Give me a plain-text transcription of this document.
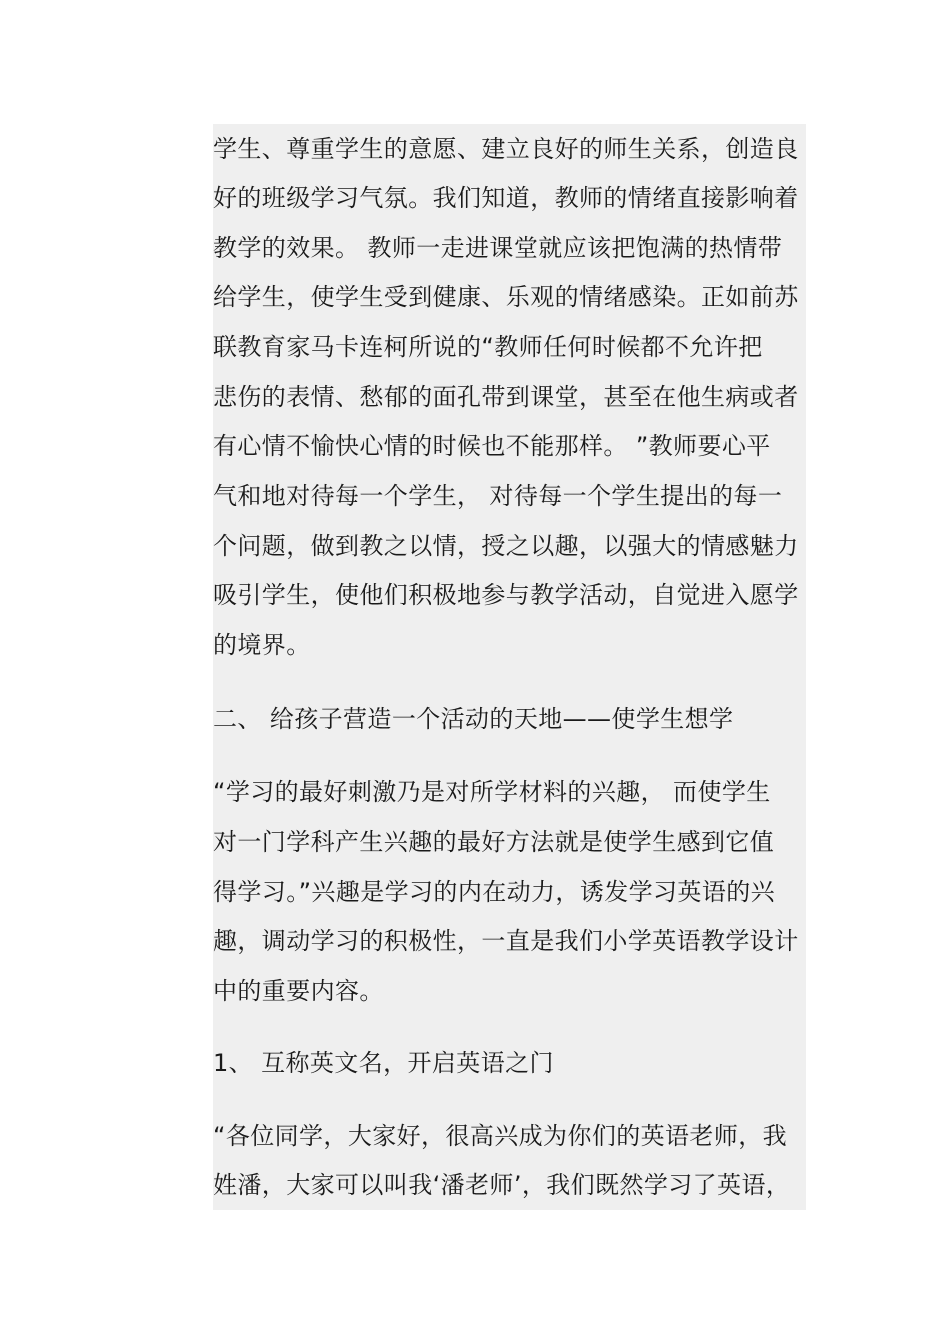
学生、尊重学生的意愿、建立良好的师生关系，创造良
好的班级学习气氛。我们知道，教师的情绪直接影响着
教学的效果。 教师一走进课堂就应该把饱满的热情带
给学生，使学生受到健康、乐观的情绪感染。正如前苏
联教育家马卡连柯所说的“教师任何时候都不允许把
悲伤的表情、愁郁的面孔带到课堂，甚至在他生病或者
有心情不愉快心情的时候也不能那样。 ”教师要心平
气和地对待每一个学生， 对待每一个学生提出的每一
个问题，做到教之以情，授之以趣，以强大的情感魅力
吸引学生，使他们积极地参与教学活动，自觉进入愿学
的境界。
二、 给孩子营造一个活动的天地——使学生想学
“学习的最好刺激乃是对所学材料的兴趣， 而使学生
对一门学科产生兴趣的最好方法就是使学生感到它值
得学习。”兴趣是学习的内在动力，诱发学习英语的兴
趣，调动学习的积极性，一直是我们小学英语教学设计
中的重要内容。
1、 互称英文名，开启英语之门
“各位同学，大家好，很高兴成为你们的英语老师，我
姓潘，大家可以叫我‘潘老师’，我们既然学习了英语，
